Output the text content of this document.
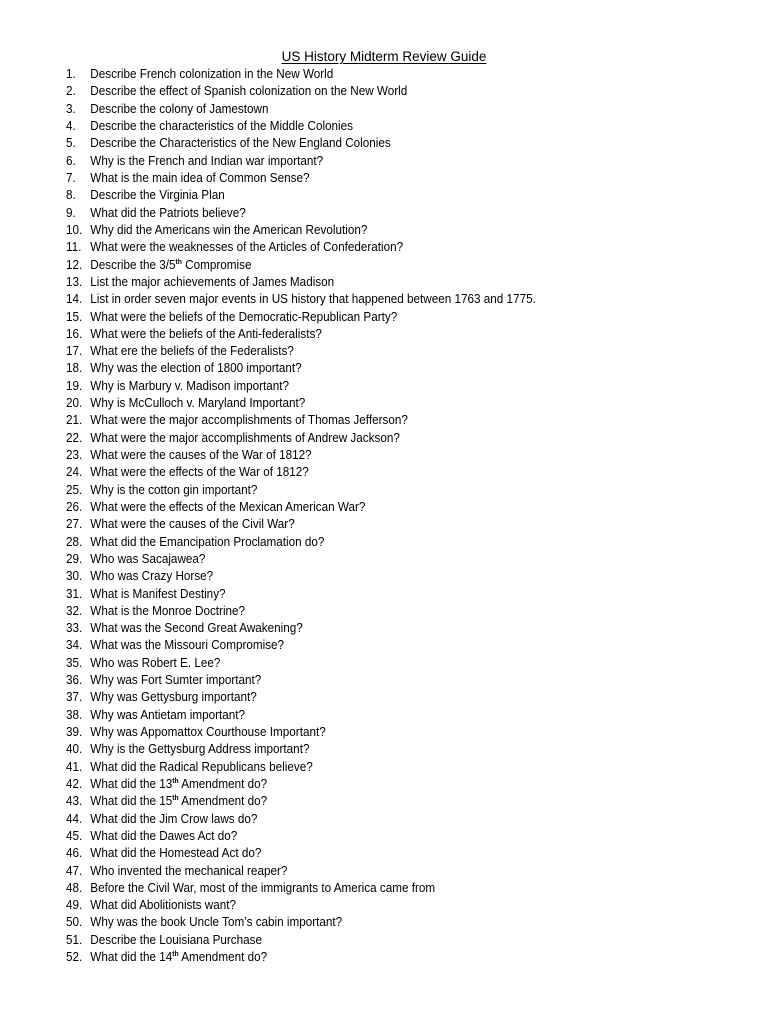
US History Midterm Review Guide
1.	Describe French colonization in the New World
2.	Describe the effect of Spanish colonization on the New World
3.	Describe the colony of Jamestown
4.	Describe the characteristics of the Middle Colonies
5.	Describe the Characteristics of the New England Colonies
6.	Why is the French and Indian war important?
7.	What is the main idea of Common Sense?
8.	Describe the Virginia Plan
9.	What did the Patriots believe?
10. Why did the Americans win the American Revolution?
11. What were the weaknesses of the Articles of Confederation?
12. Describe the 3/5th Compromise
13. List the major achievements of James Madison
14. List in order seven major events in US history that happened between 1763 and 1775.
15. What were the beliefs of the Democratic-Republican Party?
16. What were the beliefs of the Anti-federalists?
17. What ere the beliefs of the Federalists?
18. Why was the election of 1800 important?
19. Why is Marbury v. Madison important?
20. Why is McCulloch v. Maryland Important?
21. What were the major accomplishments of Thomas Jefferson?
22. What were the major accomplishments of Andrew Jackson?
23. What were the causes of the War of 1812?
24. What were the effects of the War of 1812?
25. Why is the cotton gin important?
26. What were the effects of the Mexican American War?
27. What were the causes of the Civil War?
28. What did the Emancipation Proclamation do?
29. Who was Sacajawea?
30. Who was Crazy Horse?
31. What is Manifest Destiny?
32. What is the Monroe Doctrine?
33. What was the Second Great Awakening?
34. What was the Missouri Compromise?
35. Who was Robert E. Lee?
36. Why was Fort Sumter important?
37. Why was Gettysburg important?
38. Why was Antietam important?
39. Why was Appomattox Courthouse Important?
40. Why is the Gettysburg Address important?
41. What did the Radical Republicans believe?
42. What did the 13th Amendment do?
43. What did the 15th Amendment do?
44. What did the Jim Crow laws do?
45. What did the Dawes Act do?
46. What did the Homestead Act do?
47. Who invented the mechanical reaper?
48. Before the Civil War, most of the immigrants to America came from
49. What did Abolitionists want?
50. Why was the book Uncle Tom’s cabin important?
51. Describe the Louisiana Purchase
52. What did the 14th Amendment do?
